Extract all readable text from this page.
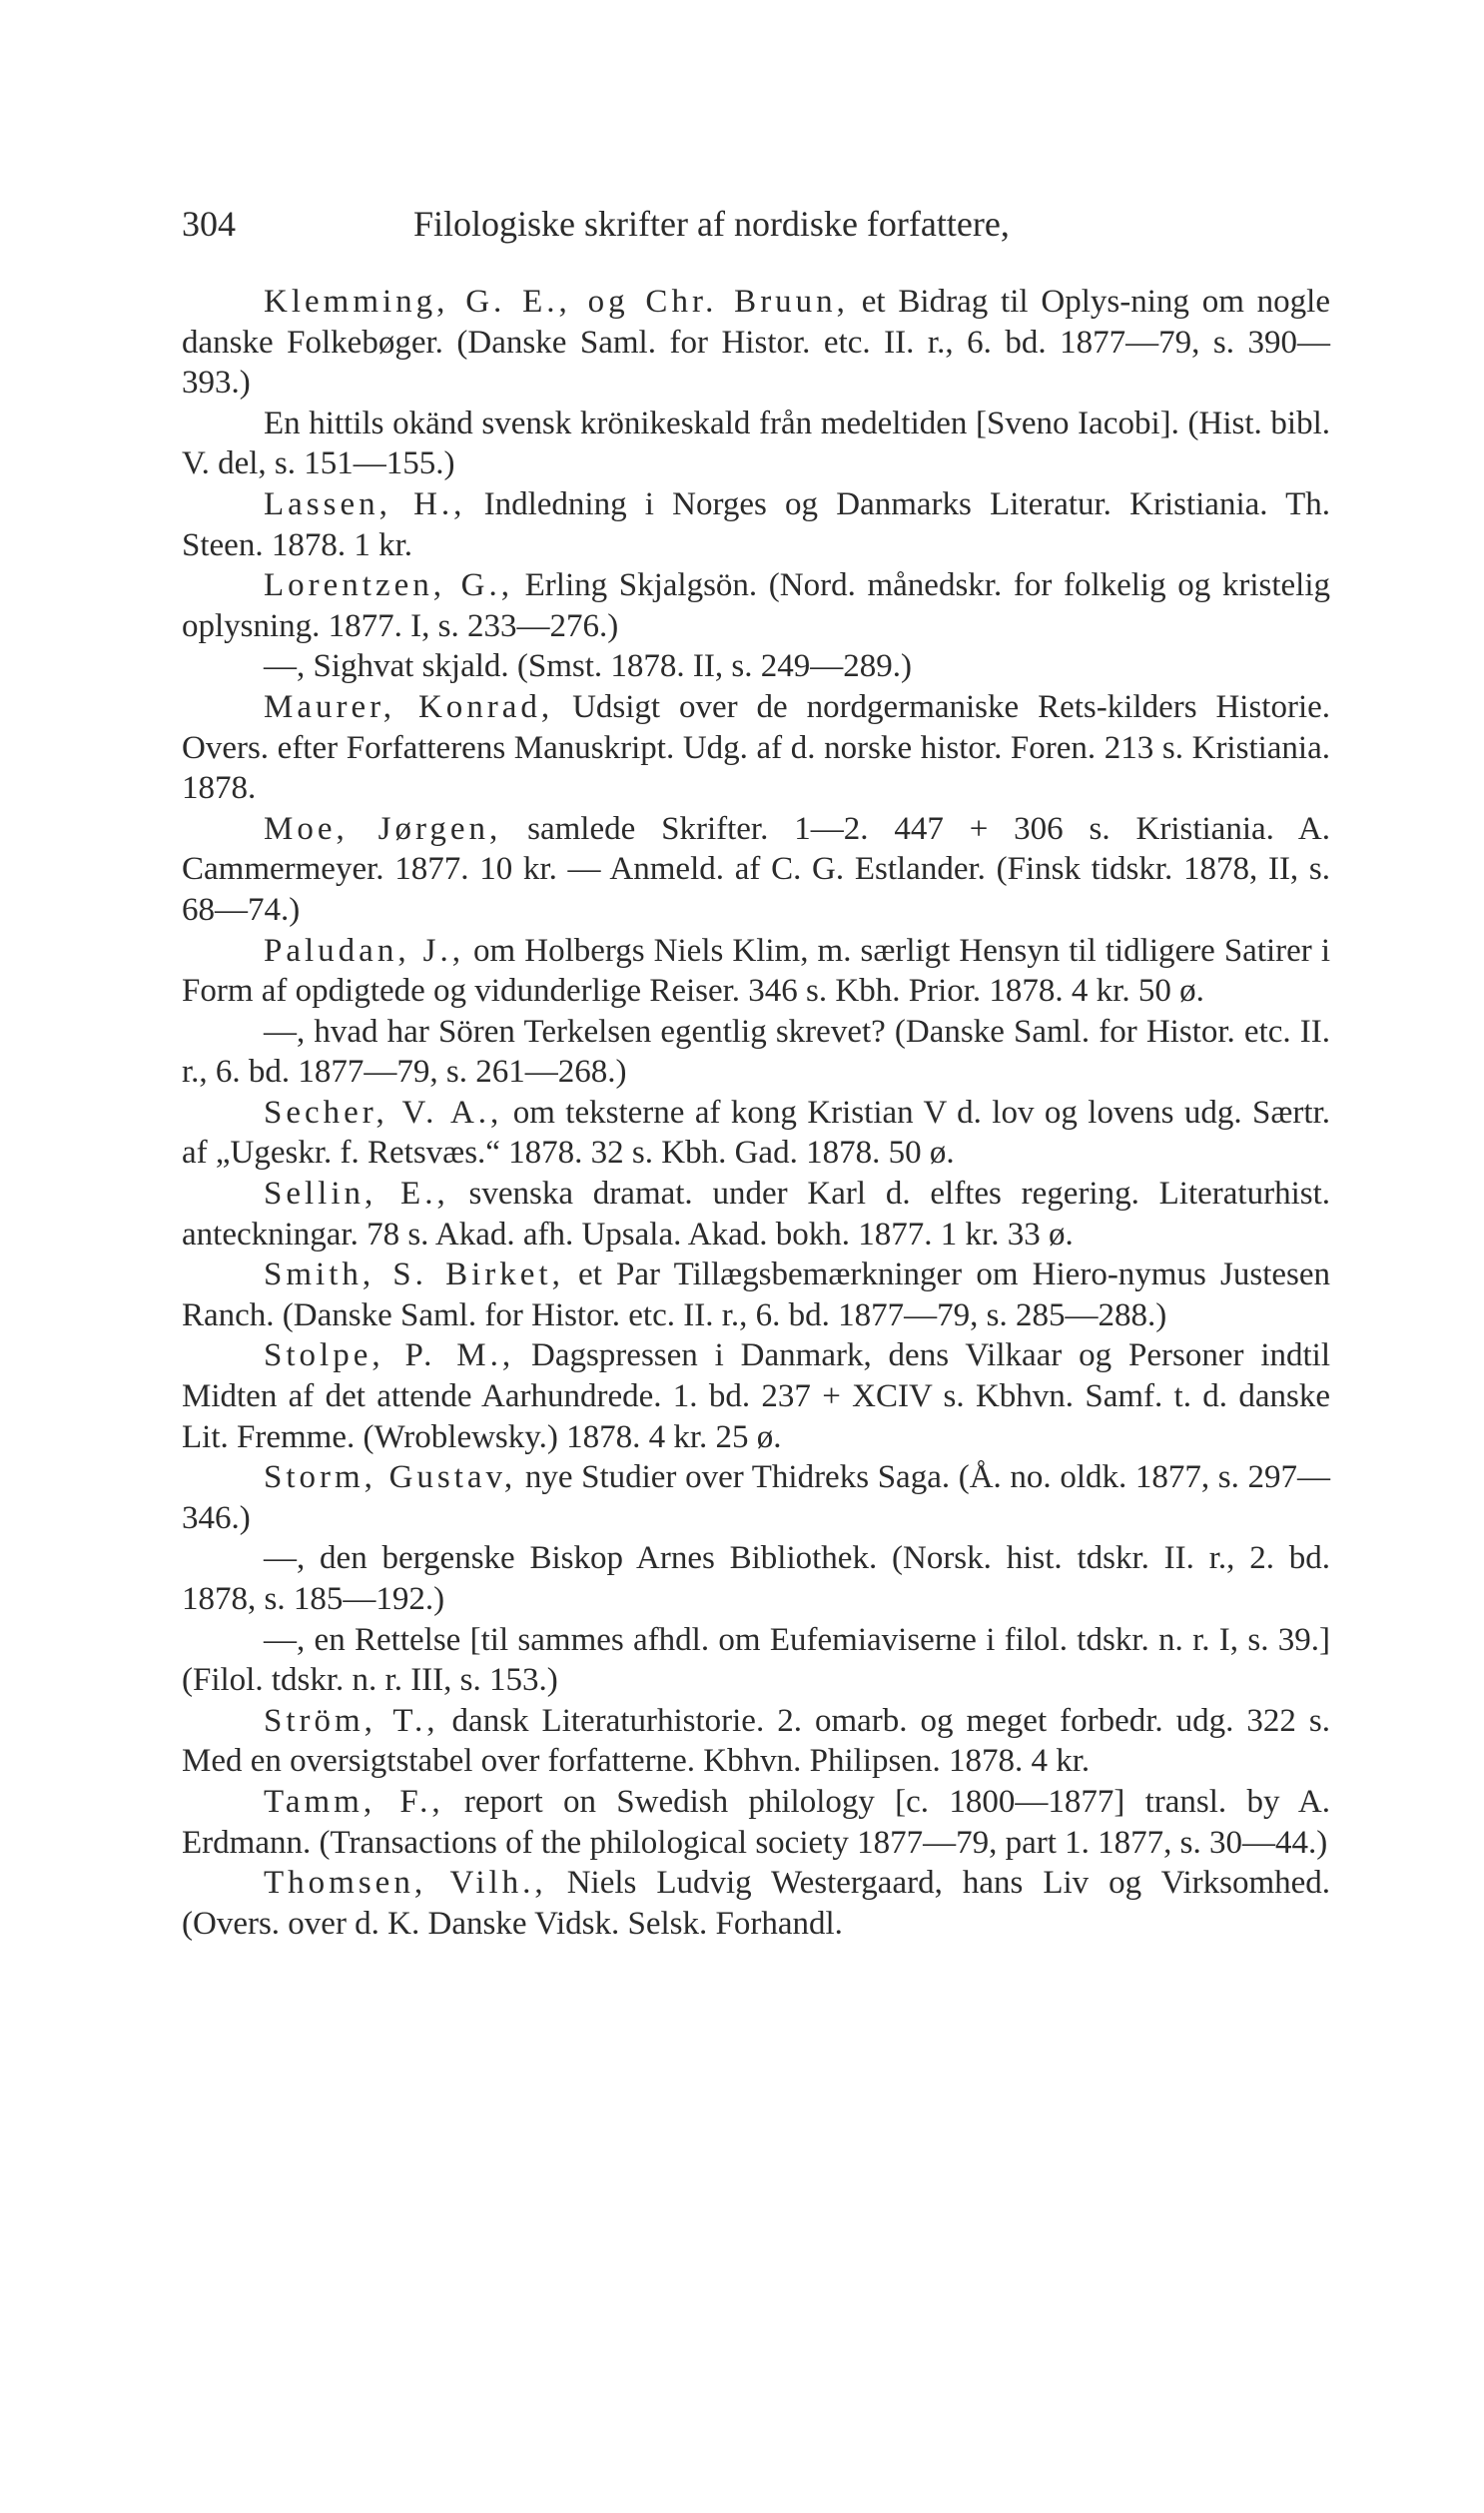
304	Filologiske skrifter af nordiske forfattere,

Klemming, G. E., og Chr. Bruun, et Bidrag til Oplys-ning om nogle danske Folkebøger. (Danske Saml. for Histor. etc. II. r., 6. bd. 1877—79, s. 390—393.)

En hittils okänd svensk krönikeskald från medeltiden [Sveno Iacobi]. (Hist. bibl. V. del, s. 151—155.)

Lassen, H., Indledning i Norges og Danmarks Literatur. Kristiania. Th. Steen. 1878. 1 kr.

Lorentzen, G., Erling Skjalgsön. (Nord. månedskr. for folkelig og kristelig oplysning. 1877. I, s. 233—276.)

—, Sighvat skjald. (Smst. 1878. II, s. 249—289.)

Maurer, Konrad, Udsigt over de nordgermaniske Rets-kilders Historie. Overs. efter Forfatterens Manuskript. Udg. af d. norske histor. Foren. 213 s. Kristiania. 1878.

Moe, Jørgen, samlede Skrifter. 1—2. 447 + 306 s. Kristiania. A. Cammermeyer. 1877. 10 kr. — Anmeld. af C. G. Estlander. (Finsk tidskr. 1878, II, s. 68—74.)

Paludan, J., om Holbergs Niels Klim, m. særligt Hensyn til tidligere Satirer i Form af opdigtede og vidunderlige Reiser. 346 s. Kbh. Prior. 1878. 4 kr. 50 ø.

—, hvad har Sören Terkelsen egentlig skrevet? (Danske Saml. for Histor. etc. II. r., 6. bd. 1877—79, s. 261—268.)

Secher, V. A., om teksterne af kong Kristian V d. lov og lovens udg. Særtr. af „Ugeskr. f. Retsvæs.“ 1878. 32 s. Kbh. Gad. 1878. 50 ø.

Sellin, E., svenska dramat. under Karl d. elftes regering. Literaturhist. anteckningar. 78 s. Akad. afh. Upsala. Akad. bokh. 1877. 1 kr. 33 ø.

Smith, S. Birket, et Par Tillægsbemærkninger om Hiero-nymus Justesen Ranch. (Danske Saml. for Histor. etc. II. r., 6. bd. 1877—79, s. 285—288.)

Stolpe, P. M., Dagspressen i Danmark, dens Vilkaar og Personer indtil Midten af det attende Aarhundrede. 1. bd. 237 + XCIV s. Kbhvn. Samf. t. d. danske Lit. Fremme. (Wroblewsky.) 1878. 4 kr. 25 ø.

Storm, Gustav, nye Studier over Thidreks Saga. (Å. no. oldk. 1877, s. 297—346.)

—, den bergenske Biskop Arnes Bibliothek. (Norsk. hist. tdskr. II. r., 2. bd. 1878, s. 185—192.)

—, en Rettelse [til sammes afhdl. om Eufemiaviserne i filol. tdskr. n. r. I, s. 39.] (Filol. tdskr. n. r. III, s. 153.)

Ström, T., dansk Literaturhistorie. 2. omarb. og meget forbedr. udg. 322 s. Med en oversigtstabel over forfatterne. Kbhvn. Philipsen. 1878. 4 kr.

Tamm, F., report on Swedish philology [c. 1800—1877] transl. by A. Erdmann. (Transactions of the philological society 1877—79, part 1. 1877, s. 30—44.)

Thomsen, Vilh., Niels Ludvig Westergaard, hans Liv og Virksomhed. (Overs. over d. K. Danske Vidsk. Selsk. Forhandl.
